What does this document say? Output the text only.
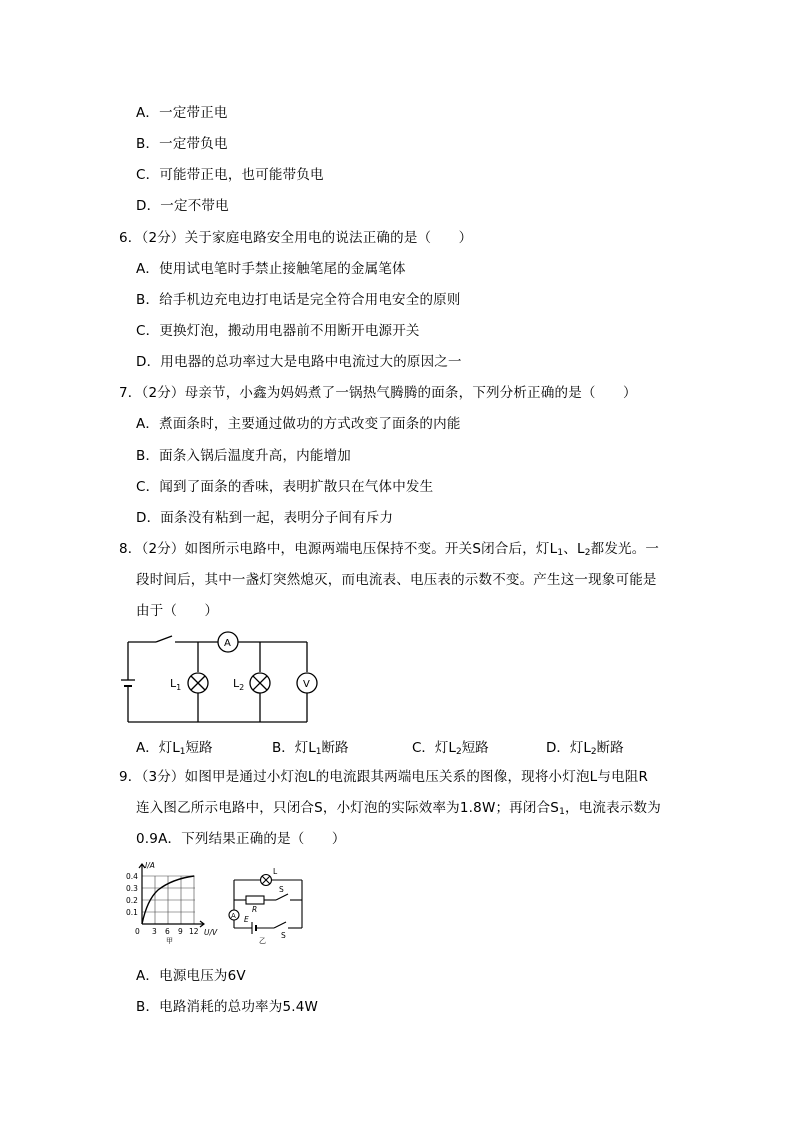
A．一定带正电
B．一定带负电
C．可能带正电，也可能带负电
D．一定不带电
6．（2分）关于家庭电路安全用电的说法正确的是（　　）
A．使用试电笔时手禁止接触笔尾的金属笔体
B．给手机边充电边打电话是完全符合用电安全的原则
C．更换灯泡，搬动用电器前不用断开电源开关
D．用电器的总功率过大是电路中电流过大的原因之一
7．（2分）母亲节，小鑫为妈妈煮了一锅热气腾腾的面条，下列分析正确的是（　　）
A．煮面条时，主要通过做功的方式改变了面条的内能
B．面条入锅后温度升高，内能增加
C．闻到了面条的香味，表明扩散只在气体中发生
D．面条没有粘到一起，表明分子间有斥力
8．（2分）如图所示电路中，电源两端电压保持不变。开关S闭合后，灯$L_1$、$L_2$都发光。一
段时间后，其中一盏灯突然熄灭，而电流表、电压表的示数不变。产生这一现象可能是
由于（　　）
A
V
$L_1$	$L_2$
A．灯$L_1$短路	B．灯$L_1$断路	C．灯$L_2$短路	D．灯$L_2$断路
9．（3分）如图甲是通过小灯泡L的电流跟其两端电压关系的图像，现将小灯泡L与电阻R
连入图乙所示电路中，只闭合S，小灯泡的实际效率为1.8W；再闭合$S_1$，电流表示数为
0.9A．下列结果正确的是（　　）
I/A
0.4
0.3
0.2
0.1
0 3 6 9 12 U/V
甲
L
R
S
A E
S
乙
A．电源电压为6V
B．电路消耗的总功率为5.4W
